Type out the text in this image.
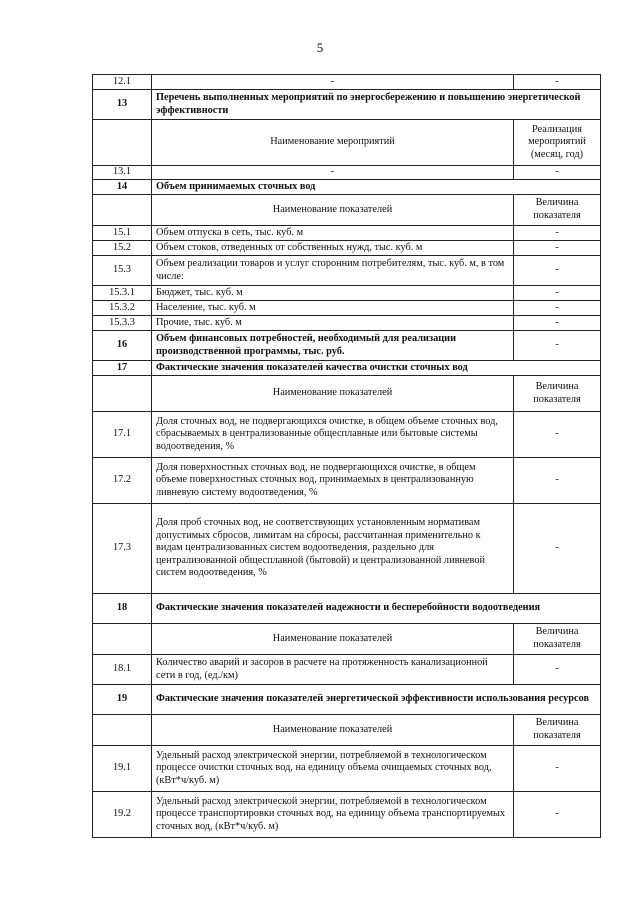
5
12.1	-	-
13	Перечень выполненных мероприятий по энергосбережению и повышению энергетической эффективности	
	Наименование мероприятий	Реализация мероприятий (месяц, год)
13.1	-	-
14	Объем принимаемых сточных вод	
	Наименование показателей	Величина показателя
15.1	Объем отпуска в сеть, тыс. куб. м	-
15.2	Объем стоков, отведенных от собственных нужд, тыс. куб. м	-
15.3	Объем реализации товаров и услуг сторонним потребителям, тыс. куб. м, в том числе:	-
15.3.1	Бюджет, тыс. куб. м	-
15.3.2	Население, тыс. куб. м	-
15.3.3	Прочие, тыс. куб. м	-
16	Объем финансовых потребностей, необходимый для реализации производственной программы, тыс. руб.	-
17	Фактические значения показателей качества очистки сточных вод	
	Наименование показателей	Величина показателя
17.1	Доля сточных вод, не подвергающихся очистке, в общем объеме сточных вод, сбрасываемых в централизованные общесплавные или бытовые системы водоотведения, %	-
17.2	Доля поверхностных сточных вод, не подвергающихся очистке, в общем объеме поверхностных сточных вод, принимаемых в централизованную ливневую систему водоотведения, %	-
17.3	Доля проб сточных вод, не соответствующих установленным нормативам допустимых сбросов, лимитам на сбросы, рассчитанная применительно к видам централизованных систем водоотведения, раздельно для централизованной общесплавной (бытовой) и централизованной ливневой систем водоотведения, %	-
18	Фактические значения показателей надежности и бесперебойности водоотведения	
	Наименование показателей	Величина показателя
18.1	Количество аварий и засоров в расчете на протяженность канализационной сети в год, (ед./км)	-
19	Фактические значения показателей энергетической эффективности использования ресурсов	
	Наименование показателей	Величина показателя
19.1	Удельный расход электрической энергии, потребляемой в технологическом процессе очистки сточных вод, на единицу объема очищаемых сточных вод, (кВт*ч/куб. м)	-
19.2	Удельный расход электрической энергии, потребляемой в технологическом процессе транспортировки сточных вод, на единицу объема транспортируемых сточных вод, (кВт*ч/куб. м)	-
